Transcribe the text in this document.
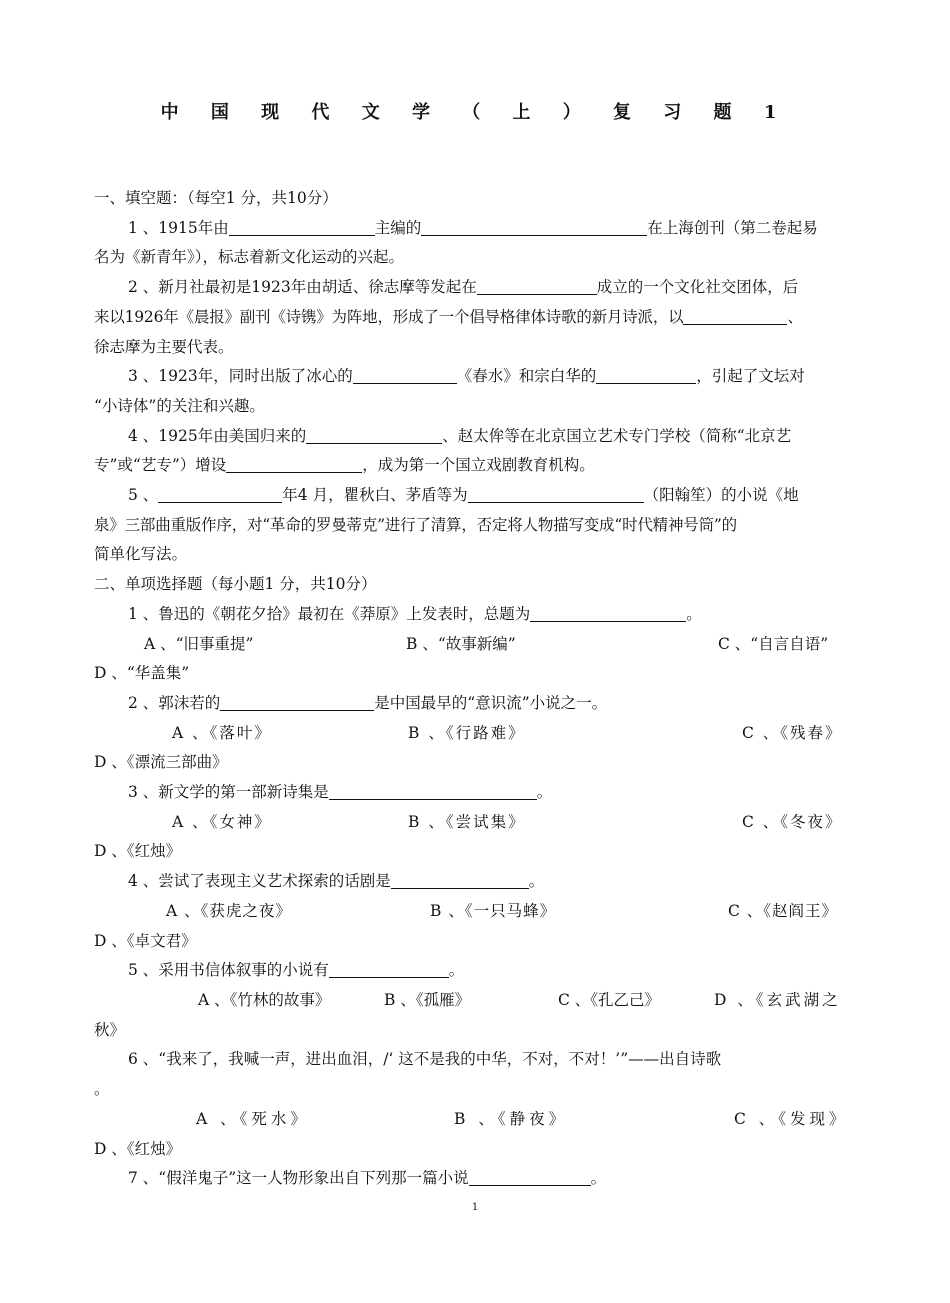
中 国 现 代 文 学 （ 上 ） 复 习 题 1

一、填空题：（每空1 分，共10分）

1 、1915年由	主编的	在上海创刊（第二卷起易

名为《新青年》），标志着新文化运动的兴起。

2 、新月社最初是1923年由胡适、徐志摩等发起在	成立的一个文化社交团体，后

来以1926年《晨报》副刊《诗镌》为阵地，形成了一个倡导格律体诗歌的新月诗派，以	、

徐志摩为主要代表。

3 、1923年，同时出版了冰心的	《春水》和宗白华的	，引起了文坛对

“小诗体”的关注和兴趣。

4 、1925年由美国归来的	、赵太侔等在北京国立艺术专门学校（简称“北京艺

专”或“艺专”）增设	，成为第一个国立戏剧教育机构。

5 、	年4 月，瞿秋白、茅盾等为	（阳翰笙）的小说《地

泉》三部曲重版作序，对“革命的罗曼蒂克”进行了清算，否定将人物描写变成“时代精神号筒”的

简单化写法。

二、单项选择题（每小题1 分，共10分）

1 、鲁迅的《朝花夕拾》最初在《莽原》上发表时，总题为	。

A 、“旧事重提”	B 、“故事新编”	C 、“自言自语”

D 、“华盖集”

2 、郭沫若的	是中国最早的“意识流”小说之一。

A 、《落叶》	B 、《行路难》	C 、《残春》

D 、《漂流三部曲》

3 、新文学的第一部新诗集是	。

A 、《女神》	B 、《尝试集》	C 、《冬夜》

D 、《红烛》

4 、尝试了表现主义艺术探索的话剧是	。

A 、《获虎之夜》	B 、《一只马蜂》	C 、《赵阎王》

D 、《卓文君》

5 、采用书信体叙事的小说有	。

A 、《竹林的故事》	B 、《孤雁》	C 、《孔乙己》	D 、《玄武湖之

秋》

6 、“我来了，我喊一声，进出血泪，/‘ 这不是我的中华，不对，不对！’”——出自诗歌

。

A 、《死水》	B 、《静夜》	C 、《发现》

D 、《红烛》

7 、“假洋鬼子”这一人物形象出自下列那一篇小说	。

1
